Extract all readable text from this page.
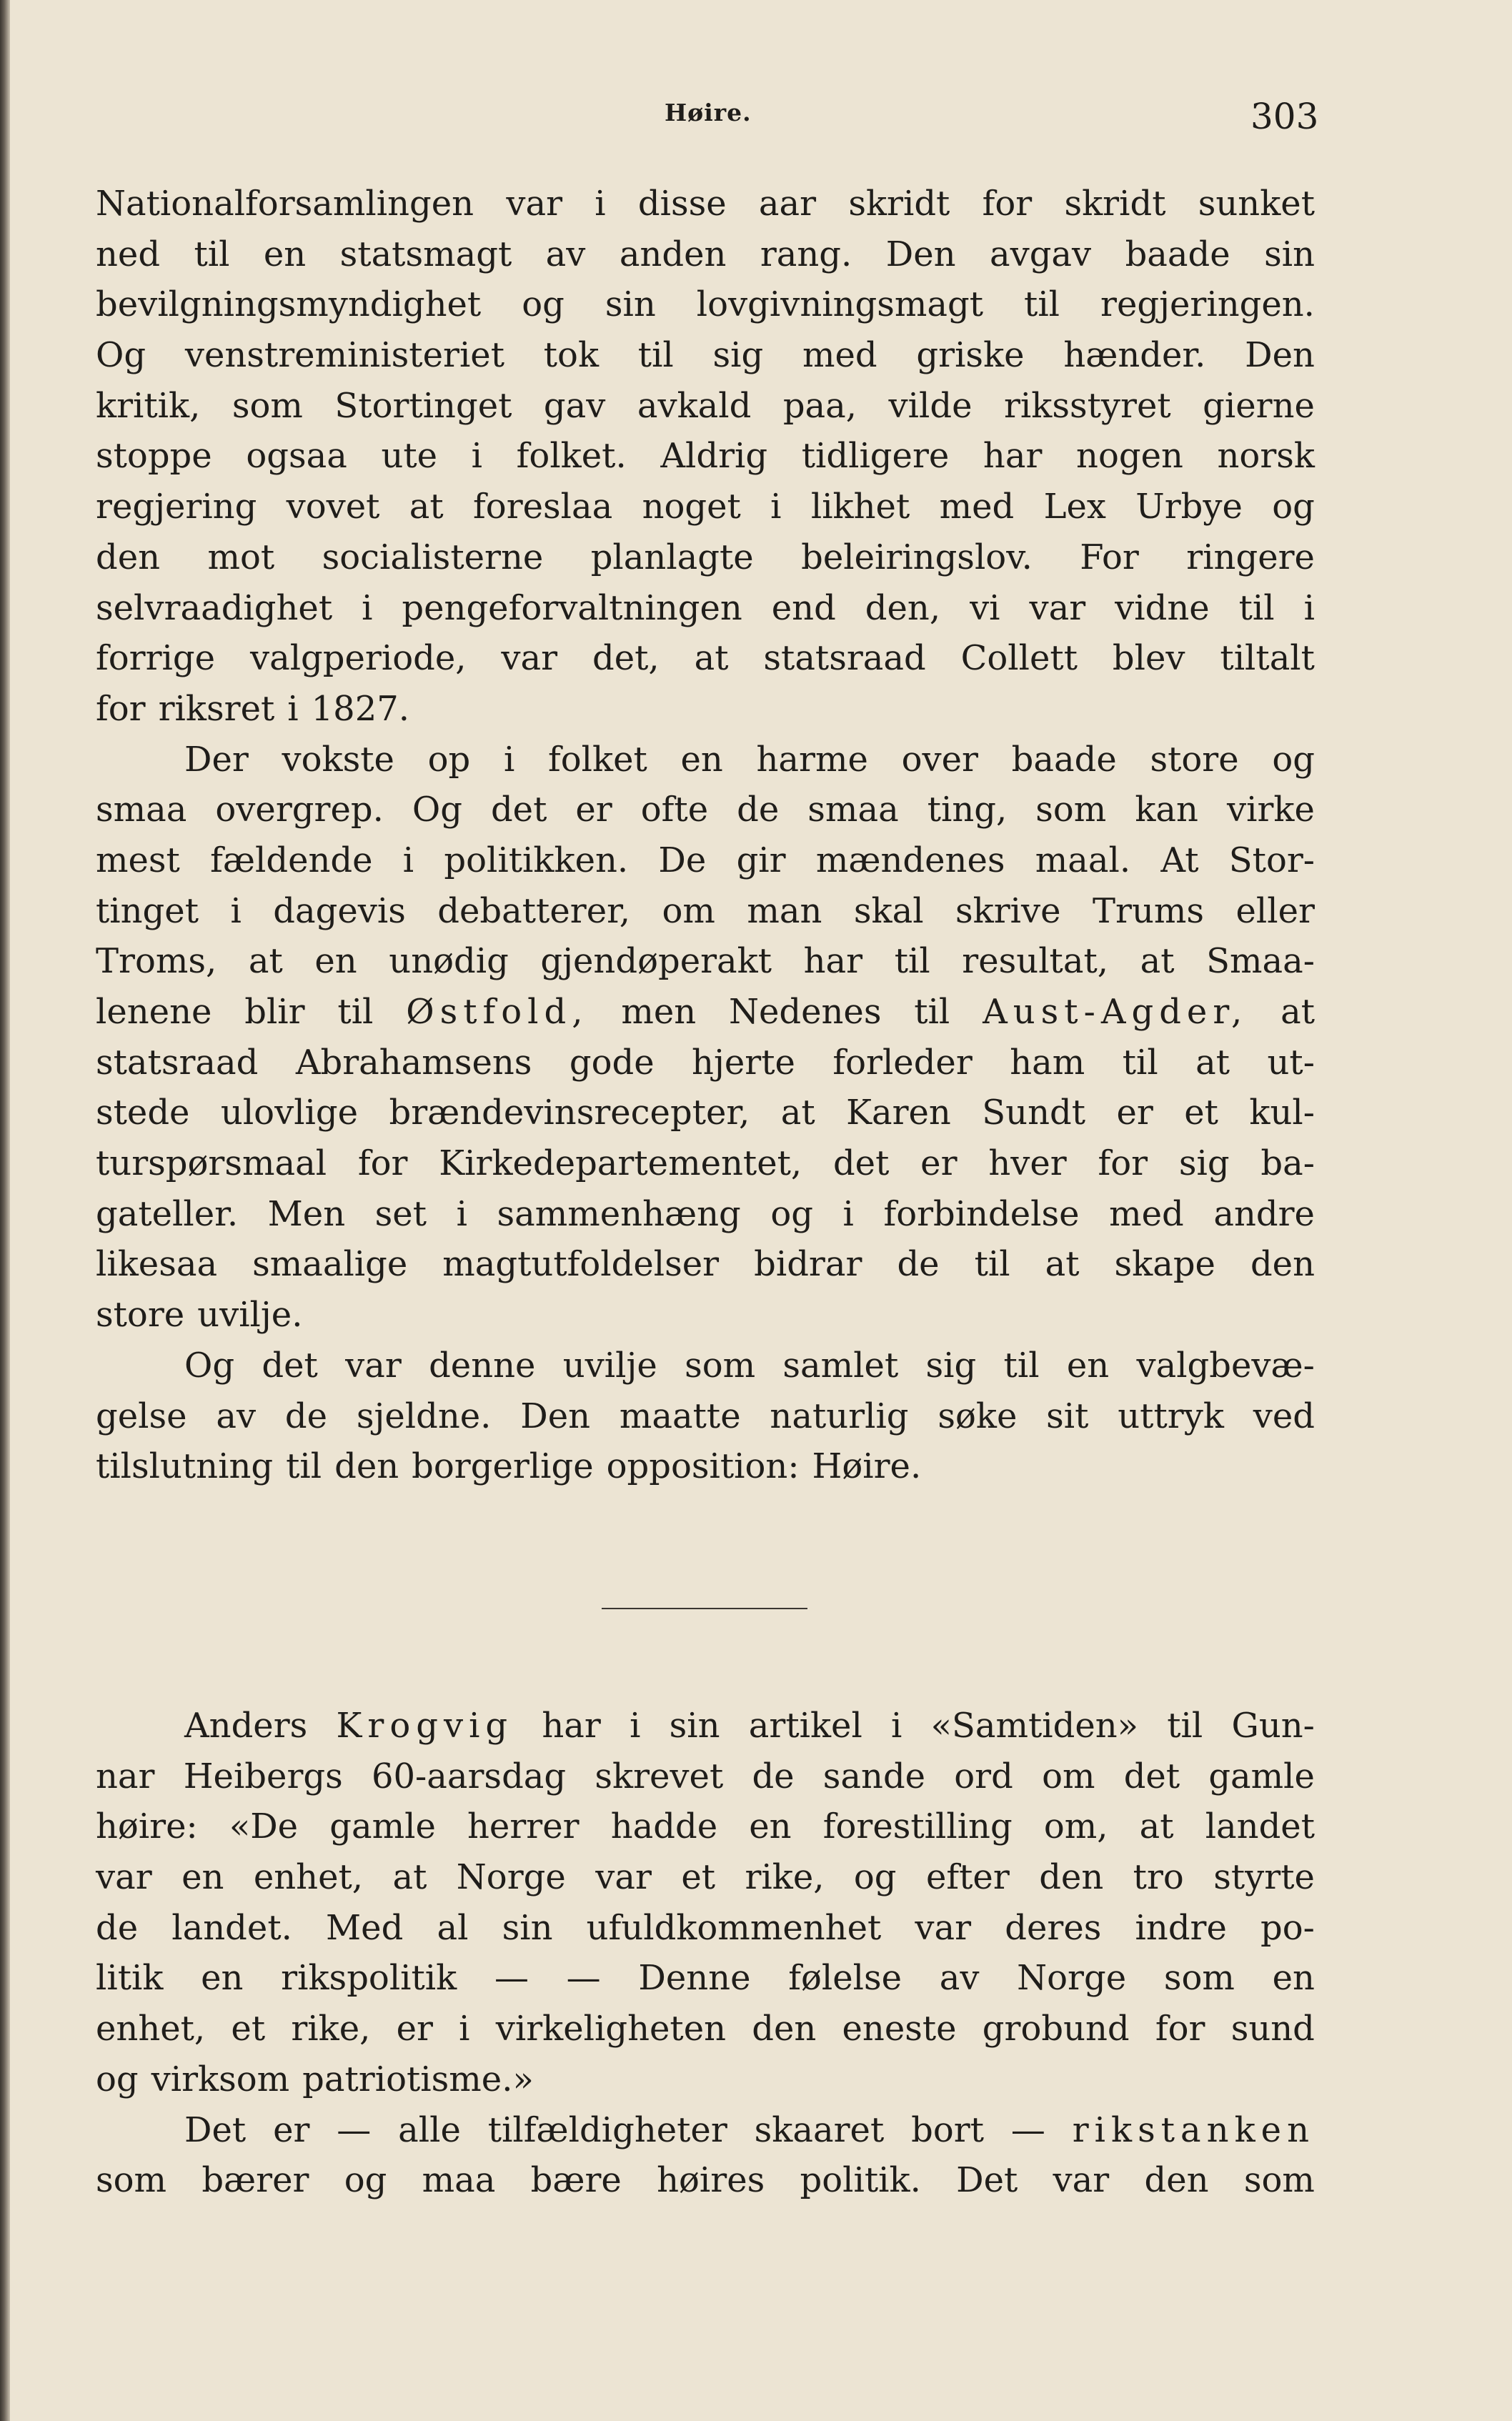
Høire.	303
Nationalforsamlingen var i disse aar skridt for skridt sunket
ned til en statsmagt av anden rang. Den avgav baade sin
bevilgningsmyndighet og sin lovgivningsmagt til regjeringen.
Og venstreministeriet tok til sig med griske hænder. Den
kritik, som Stortinget gav avkald paa, vilde riksstyret gierne
stoppe ogsaa ute i folket. Aldrig tidligere har nogen norsk
regjering vovet at foreslaa noget i likhet med Lex Urbye og
den mot socialisterne planlagte beleiringslov. For ringere
selvraadighet i pengeforvaltningen end den, vi var vidne til i
forrige valgperiode, var det, at statsraad Collett blev tiltalt
for riksret i 1827.
Der vokste op i folket en harme over baade store og
smaa overgrep. Og det er ofte de smaa ting, som kan virke
mest fældende i politikken. De gir mændenes maal. At Stor-
tinget i dagevis debatterer, om man skal skrive Trums eller
Troms, at en unødig gjendøperakt har til resultat, at Smaa-
lenene blir til Østfold, men Nedenes til Aust-Agder, at
statsraad Abrahamsens gode hjerte forleder ham til at ut-
stede ulovlige brændevinsrecepter, at Karen Sundt er et kul-
turspørsmaal for Kirkedepartementet, det er hver for sig ba-
gateller. Men set i sammenhæng og i forbindelse med andre
likesaa smaalige magtutfoldelser bidrar de til at skape den
store uvilje.
Og det var denne uvilje som samlet sig til en valgbevæ-
gelse av de sjeldne. Den maatte naturlig søke sit uttryk ved
tilslutning til den borgerlige opposition: Høire.
Anders Krogvig har i sin artikel i «Samtiden» til Gun-
nar Heibergs 60-aarsdag skrevet de sande ord om det gamle
høire: «De gamle herrer hadde en forestilling om, at landet
var en enhet, at Norge var et rike, og efter den tro styrte
de landet. Med al sin ufuldkommenhet var deres indre po-
litik en rikspolitik — — Denne følelse av Norge som en
enhet, et rike, er i virkeligheten den eneste grobund for sund
og virksom patriotisme.»
Det er — alle tilfældigheter skaaret bort — rikstanken
som bærer og maa bære høires politik. Det var den som
